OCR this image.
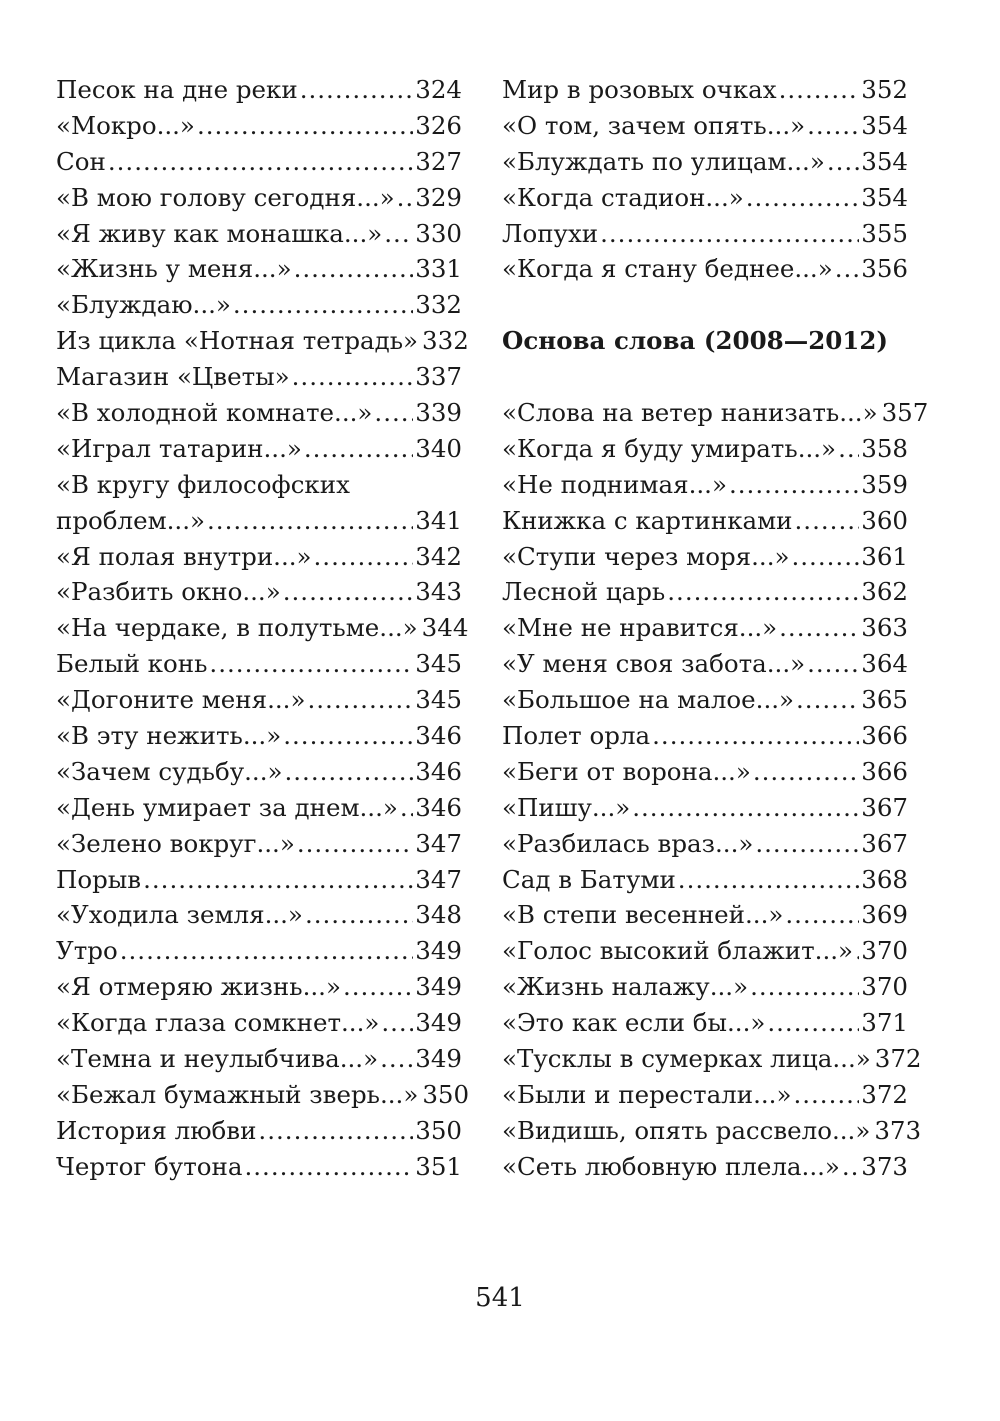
Песок на дне реки .....	324
«Мокро...» .....	326
Сон .....	327
«В мою голову сегодня...» ..... 329
«Я живу как монашка...» ..... 330
«Жизнь у меня...» .....	331
«Блуждаю...» .....	332
Из цикла «Нотная тетрадь» 332
Магазин «Цветы» .....	337
«В холодной комнате...» ..... 339
«Играл татарин...» .....	340
«В кругу философских
проблем...» .....	341
«Я полая внутри...» .....	342
«Разбить окно...» .....	343
«На чердаке, в полутьме...» 344
Белый конь .....	345
«Догоните меня...» .....	345
«В эту нежить...» .....	346
«Зачем судьбу...» .....	346
«День умирает за днем...» ..... 346
«Зелено вокруг...» .....	347
Порыв .....	347
«Уходила земля...» .....	348
Утро .....	349
«Я отмеряю жизнь...» .....	349
«Когда глаза сомкнет...» ..... 349
«Темна и неулыбчива...» ..... 349
«Бежал бумажный зверь...» 350
История любви .....	350
Чертог бутона .....	351
Мир в розовых очках .....	352
«О том, зачем опять...» ..... 354
«Блуждать по улицам...» ..... 354
«Когда стадион...» .....	354
Лопухи .....	355
«Когда я стану беднее...» ..... 356
Основа слова (2008—2012)
«Слова на ветер нанизать...» 357
«Когда я буду умирать...» ..... 358
«Не поднимая...» .....	359
Книжка с картинками .....	360
«Ступи через моря...» .....	361
Лесной царь .....	362
«Мне не нравится...» .....	363
«У меня своя забота...» ..... 364
«Большое на малое...» .....	365
Полет орла .....	366
«Беги от ворона...» .....	366
«Пишу...» .....	367
«Разбилась враз...» .....	367
Сад в Батуми .....	368
«В степи весенней...» .....	369
«Голос высокий блажит...» ..... 370
«Жизнь налажу...» .....	370
«Это как если бы...» .....	371
«Тусклы в сумерках лица...» 372
«Были и перестали...» .....	372
«Видишь, опять рассвело...» 373
«Сеть любовную плела...» ..... 373
541
